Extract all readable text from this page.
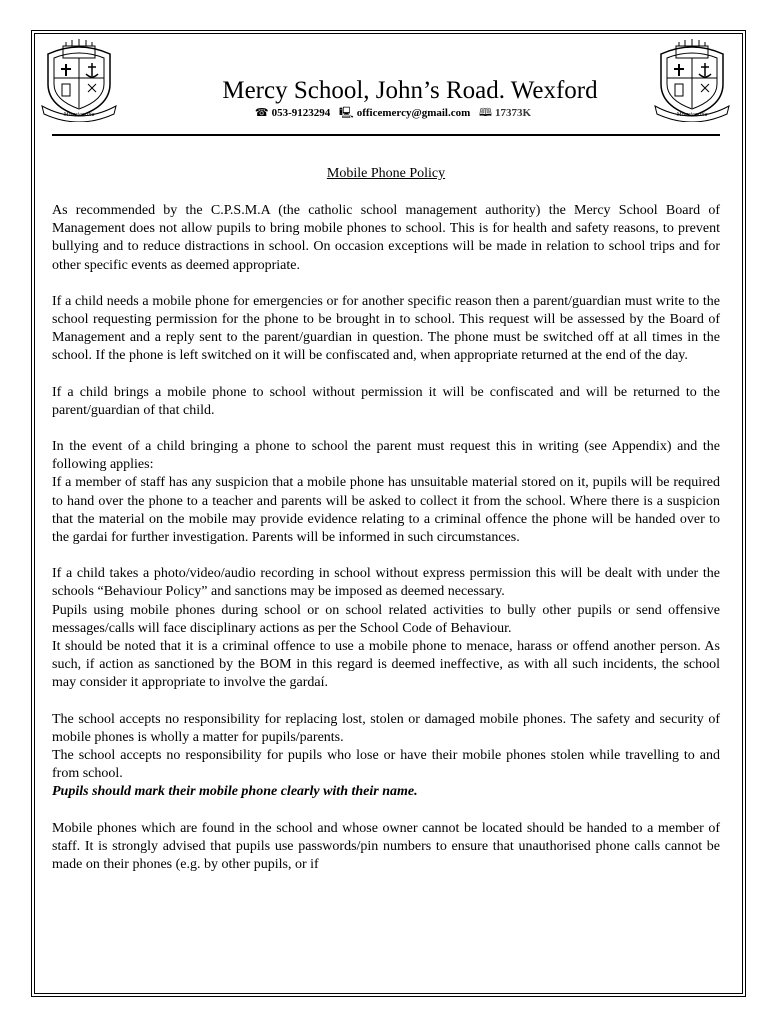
Misericordia	Misericordia
Mercy School, John’s Road. Wexford
☎ 053-9123294 🖳 officemercy@gmail.com 🕮 17373K
Mobile Phone Policy

As recommended by the C.P.S.M.A (the catholic school management authority) the Mercy School Board of Management does not allow pupils to bring mobile phones to school. This is for health and safety reasons, to prevent bullying and to reduce distractions in school. On occasion exceptions will be made in relation to school trips and for other specific events as deemed appropriate.

If a child needs a mobile phone for emergencies or for another specific reason then a parent/guardian must write to the school requesting permission for the phone to be brought in to school. This request will be assessed by the Board of Management and a reply sent to the parent/guardian in question. The phone must be switched off at all times in the school. If the phone is left switched on it will be confiscated and, when appropriate returned at the end of the day.

If a child brings a mobile phone to school without permission it will be confiscated and will be returned to the parent/guardian of that child.

In the event of a child bringing a phone to school the parent must request this in writing (see Appendix) and the following applies:
If a member of staff has any suspicion that a mobile phone has unsuitable material stored on it, pupils will be required to hand over the phone to a teacher and parents will be asked to collect it from the school. Where there is a suspicion that the material on the mobile may provide evidence relating to a criminal offence the phone will be handed over to the gardai for further investigation. Parents will be informed in such circumstances.

If a child takes a photo/video/audio recording in school without express permission this will be dealt with under the schools “Behaviour Policy” and sanctions may be imposed as deemed necessary.
Pupils using mobile phones during school or on school related activities to bully other pupils or send offensive messages/calls will face disciplinary actions as per the School Code of Behaviour.
It should be noted that it is a criminal offence to use a mobile phone to menace, harass or offend another person. As such, if action as sanctioned by the BOM in this regard is deemed ineffective, as with all such incidents, the school may consider it appropriate to involve the gardaí.

The school accepts no responsibility for replacing lost, stolen or damaged mobile phones. The safety and security of mobile phones is wholly a matter for pupils/parents.
The school accepts no responsibility for pupils who lose or have their mobile phones stolen while travelling to and from school.
Pupils should mark their mobile phone clearly with their name.

Mobile phones which are found in the school and whose owner cannot be located should be handed to a member of staff. It is strongly advised that pupils use passwords/pin numbers to ensure that unauthorised phone calls cannot be made on their phones (e.g. by other pupils, or if
